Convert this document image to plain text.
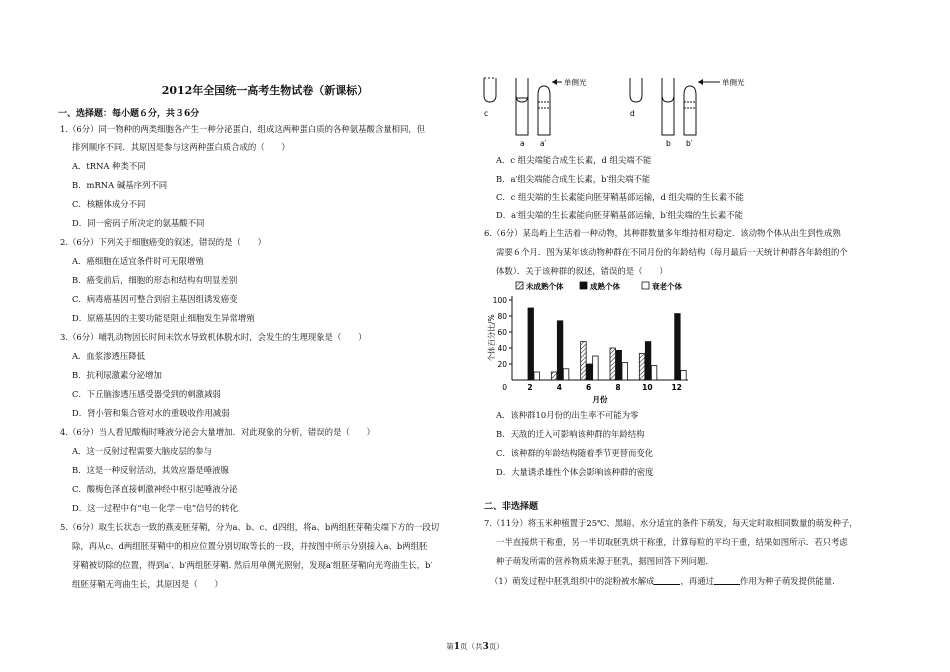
2012年全国统一高考生物试卷（新课标）
一、选择题：每小题６分，共３6分
1.（6分）同一物种的两类细胞各产生一种分泌蛋白，组成这两种蛋白质的各种氨基酸含量相同，但
排列顺序不同．其原因是参与这两种蛋白质合成的（　　）
A．tRNA 种类不同
B．mRNA 碱基序列不同
C．核糖体成分不同
D．同一密码子所决定的氨基酸不同
2.（6分）下列关于细胞癌变的叙述，错误的是（　　）
A．癌细胞在适宜条件时可无限增殖
B．癌变前后，细胞的形态和结构有明显差别
C．病毒癌基因可整合到宿主基因组诱发癌变
D．原癌基因的主要功能是阻止细胞发生异常增殖
3.（6分）哺乳动物因长时间未饮水导致机体脱水时，会发生的生理现象是（　　）
A．血浆渗透压降低
B．抗利尿激素分泌增加
C．下丘脑渗透压感受器受到的刺激减弱
D．肾小管和集合管对水的重吸收作用减弱
4.（6分）当人看见酸梅时唾液分泌会大量增加．对此现象的分析，错误的是（　　）
A．这一反射过程需要大脑皮层的参与
B．这是一种反射活动，其效应器是唾液腺
C．酸梅色泽直接刺激神经中枢引起唾液分泌
D．这一过程中有“电－化学－电”信号的转化
5.（6分）取生长状态一致的燕麦胚芽鞘，分为a、b、c、d四组，将a、b两组胚芽鞘尖端下方的一段切
除，再从c、d两组胚芽鞘中的相应位置分别切取等长的一段，并按图中所示分别接入a、b两组胚
芽鞘被切除的位置，得到a′、b′两组胚芽鞘. 然后用单侧光照射，发现a′组胚芽鞘向光弯曲生长，b′
组胚芽鞘无弯曲生长，其原因是（　　）
单侧光	单侧光
c
a a′
d
b b′
A．c 组尖端能合成生长素，d 组尖端不能
B．a′组尖端能合成生长素，b′组尖端不能
C．c 组尖端的生长素能向胚芽鞘基部运输，d 组尖端的生长素不能
D．a′组尖端的生长素能向胚芽鞘基部运输，b′组尖端的生长素不能
6.（6分）某岛屿上生活着一种动物，其种群数量多年维持相对稳定．该动物个体从出生到性成熟
需要６个月．图为某年该动物种群在不同月份的年龄结构（每月最后一天统计种群各年龄组的个
体数）．关于该种群的叙述，错误的是（　　）
未成熟个体	成熟个体	衰老个体
个体百分比/%
月份
20
40
60
80
100
0	2	4	6	8	10	12
A．该种群10月份的出生率不可能为零
B．天敌的迁入可影响该种群的年龄结构
C．该种群的年龄结构随着季节更替而变化
D．大量诱杀雄性个体会影响该种群的密度
二、非选择题
7.（11分）将玉米种植置于25℃、黑暗、水分适宜的条件下萌发，每天定时取相同数量的萌发种子，
一半直接烘干称重，另一半切取胚乳烘干称重，计算每粒的平均干重，结果如图所示．若只考虑
种子萌发所需的营养物质来源于胚乳，据图回答下列问题．
（1）萌发过程中胚乳组织中的淀粉被水解成	，再通过	作用为种子萌发提供能量.
第1页（共3页）
